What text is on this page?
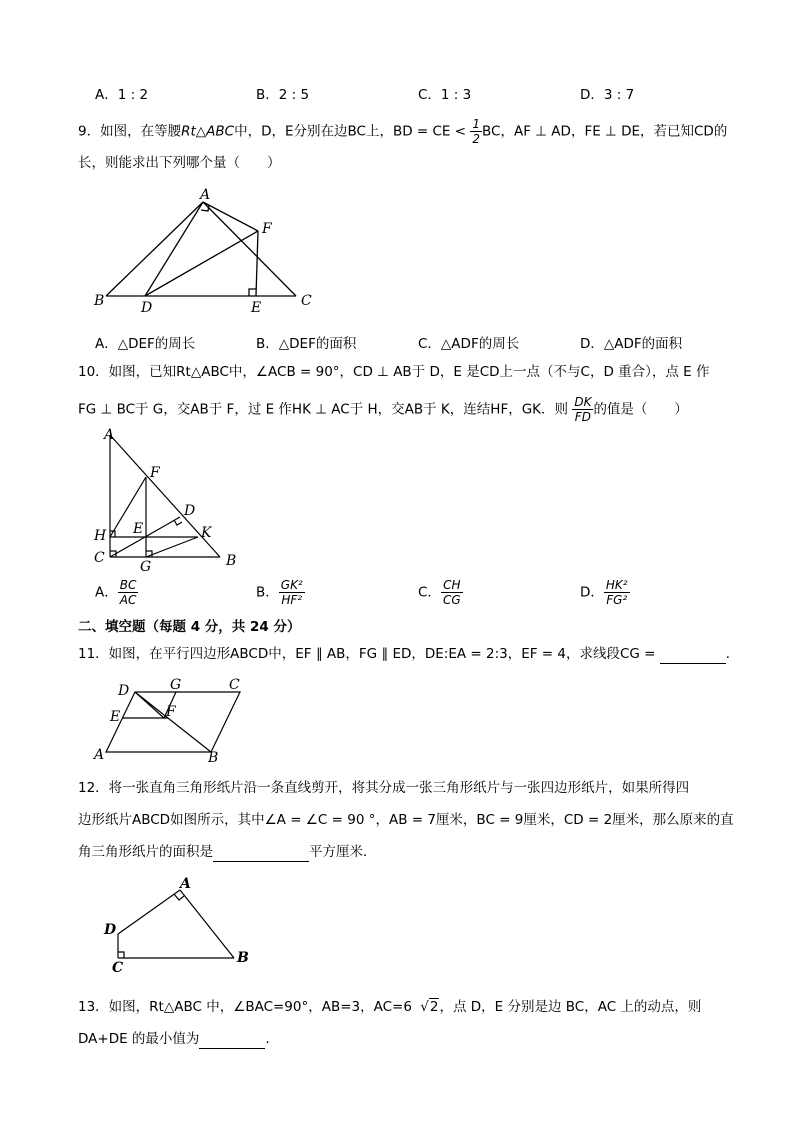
A．1 : 2	B．2 : 5	C．1 : 3	D．3 : 7
9．如图，在等腰Rt△ABC中，D，E分别在边BC上，BD = CE < $\frac{1}{2}$ BC，AF ⊥ AD，FE ⊥ DE，若已知CD的
长，则能求出下列哪个量（　　）
A
B	C
D	E
F
A．△DEF的周长	B．△DEF的面积	C．△ADF的周长	D．△ADF的面积
10．如图，已知Rt△ABC中，∠ACB = 90°，CD ⊥ AB于 D，E 是CD上一点（不与C，D 重合），点 E 作
FG ⊥ BC于 G，交AB于 F，过 E 作HK ⊥ AC于 H，交AB于 K，连结HF，GK．则 $\frac{DK}{FD}$ 的值是（　　）
A
B
C
D
E
F
G
H	K
A． $\frac{BC}{AC}$	B． $\frac{\text{GK²}}{\text{HF²}}$	C． $\frac{CH}{CG}$	D． $\frac{\text{HK²}}{\text{FG²}}$
二、填空题（每题 4 分，共 24 分）
11．如图，在平行四边形ABCD中，EF ∥ AB，FG ∥ ED，DE:EA = 2:3，EF = 4，求线段CG =	．
D	G	C
E	F
A	B
12．将一张直角三角形纸片沿一条直线剪开，将其分成一张三角形纸片与一张四边形纸片，如果所得四
边形纸片ABCD如图所示，其中∠A = ∠C = 90 °，AB = 7厘米，BC = 9厘米，CD = 2厘米，那么原来的直
角三角形纸片的面积是	平方厘米．
A
B
C
D
13．如图，Rt△ABC 中，∠BAC=90°，AB=3，AC=6 √2，点 D，E 分别是边 BC，AC 上的动点，则
DA+DE 的最小值为	.
